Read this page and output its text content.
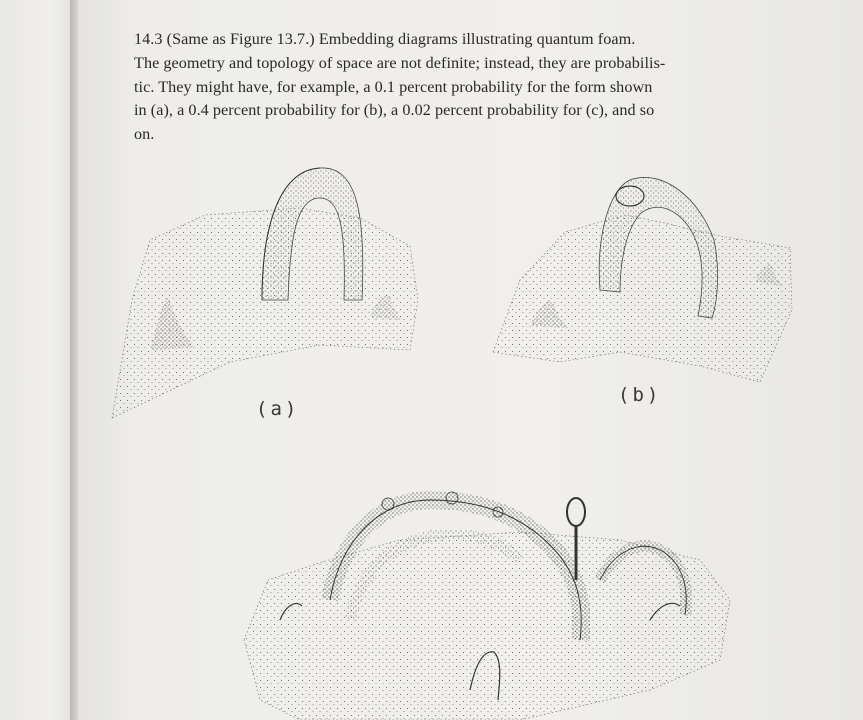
14.3 (Same as Figure 13.7.) Embedding diagrams illustrating quantum foam.
The geometry and topology of space are not definite; instead, they are probabilis-
tic. They might have, for example, a 0.1 percent probability for the form shown
in (a), a 0.4 percent probability for (b), a 0.02 percent probability for (c), and so
on.
(a)
(b)
